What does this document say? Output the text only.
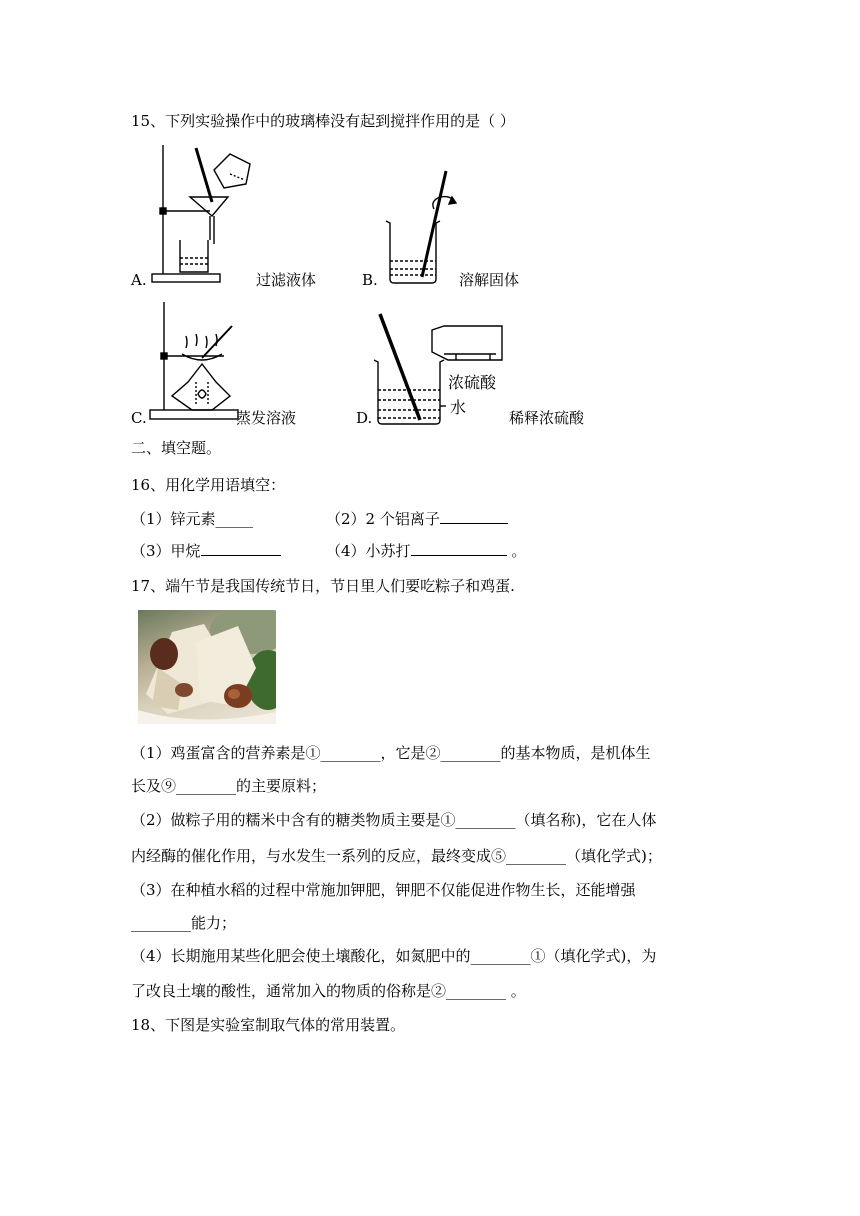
15、下列实验操作中的玻璃棒没有起到搅拌作用的是（ ）
A.	过滤液体	B.	溶解固体
C.	蒸发溶液
浓硫酸
水
D.	稀释浓硫酸
二、填空题。
16、用化学用语填空：
（1）锌元素_____	（2）2 个铝离子
（3）甲烷	（4）小苏打	。
17、端午节是我国传统节日，节日里人们要吃粽子和鸡蛋.
（1）鸡蛋富含的营养素是①________，它是②________的基本物质，是机体生
长及⑨________的主要原料；
（2）做粽子用的糯米中含有的糖类物质主要是①________（填名称)，它在人体
内经酶的催化作用，与水发生一系列的反应，最终变成⑤________（填化学式)；
（3）在种植水稻的过程中常施加钾肥，钾肥不仅能促进作物生长，还能增强
________能力；
（4）长期施用某些化肥会使土壤酸化，如氮肥中的________①（填化学式)，为
了改良土壤的酸性，通常加入的物质的俗称是②________ 。
18、下图是实验室制取气体的常用装置。
